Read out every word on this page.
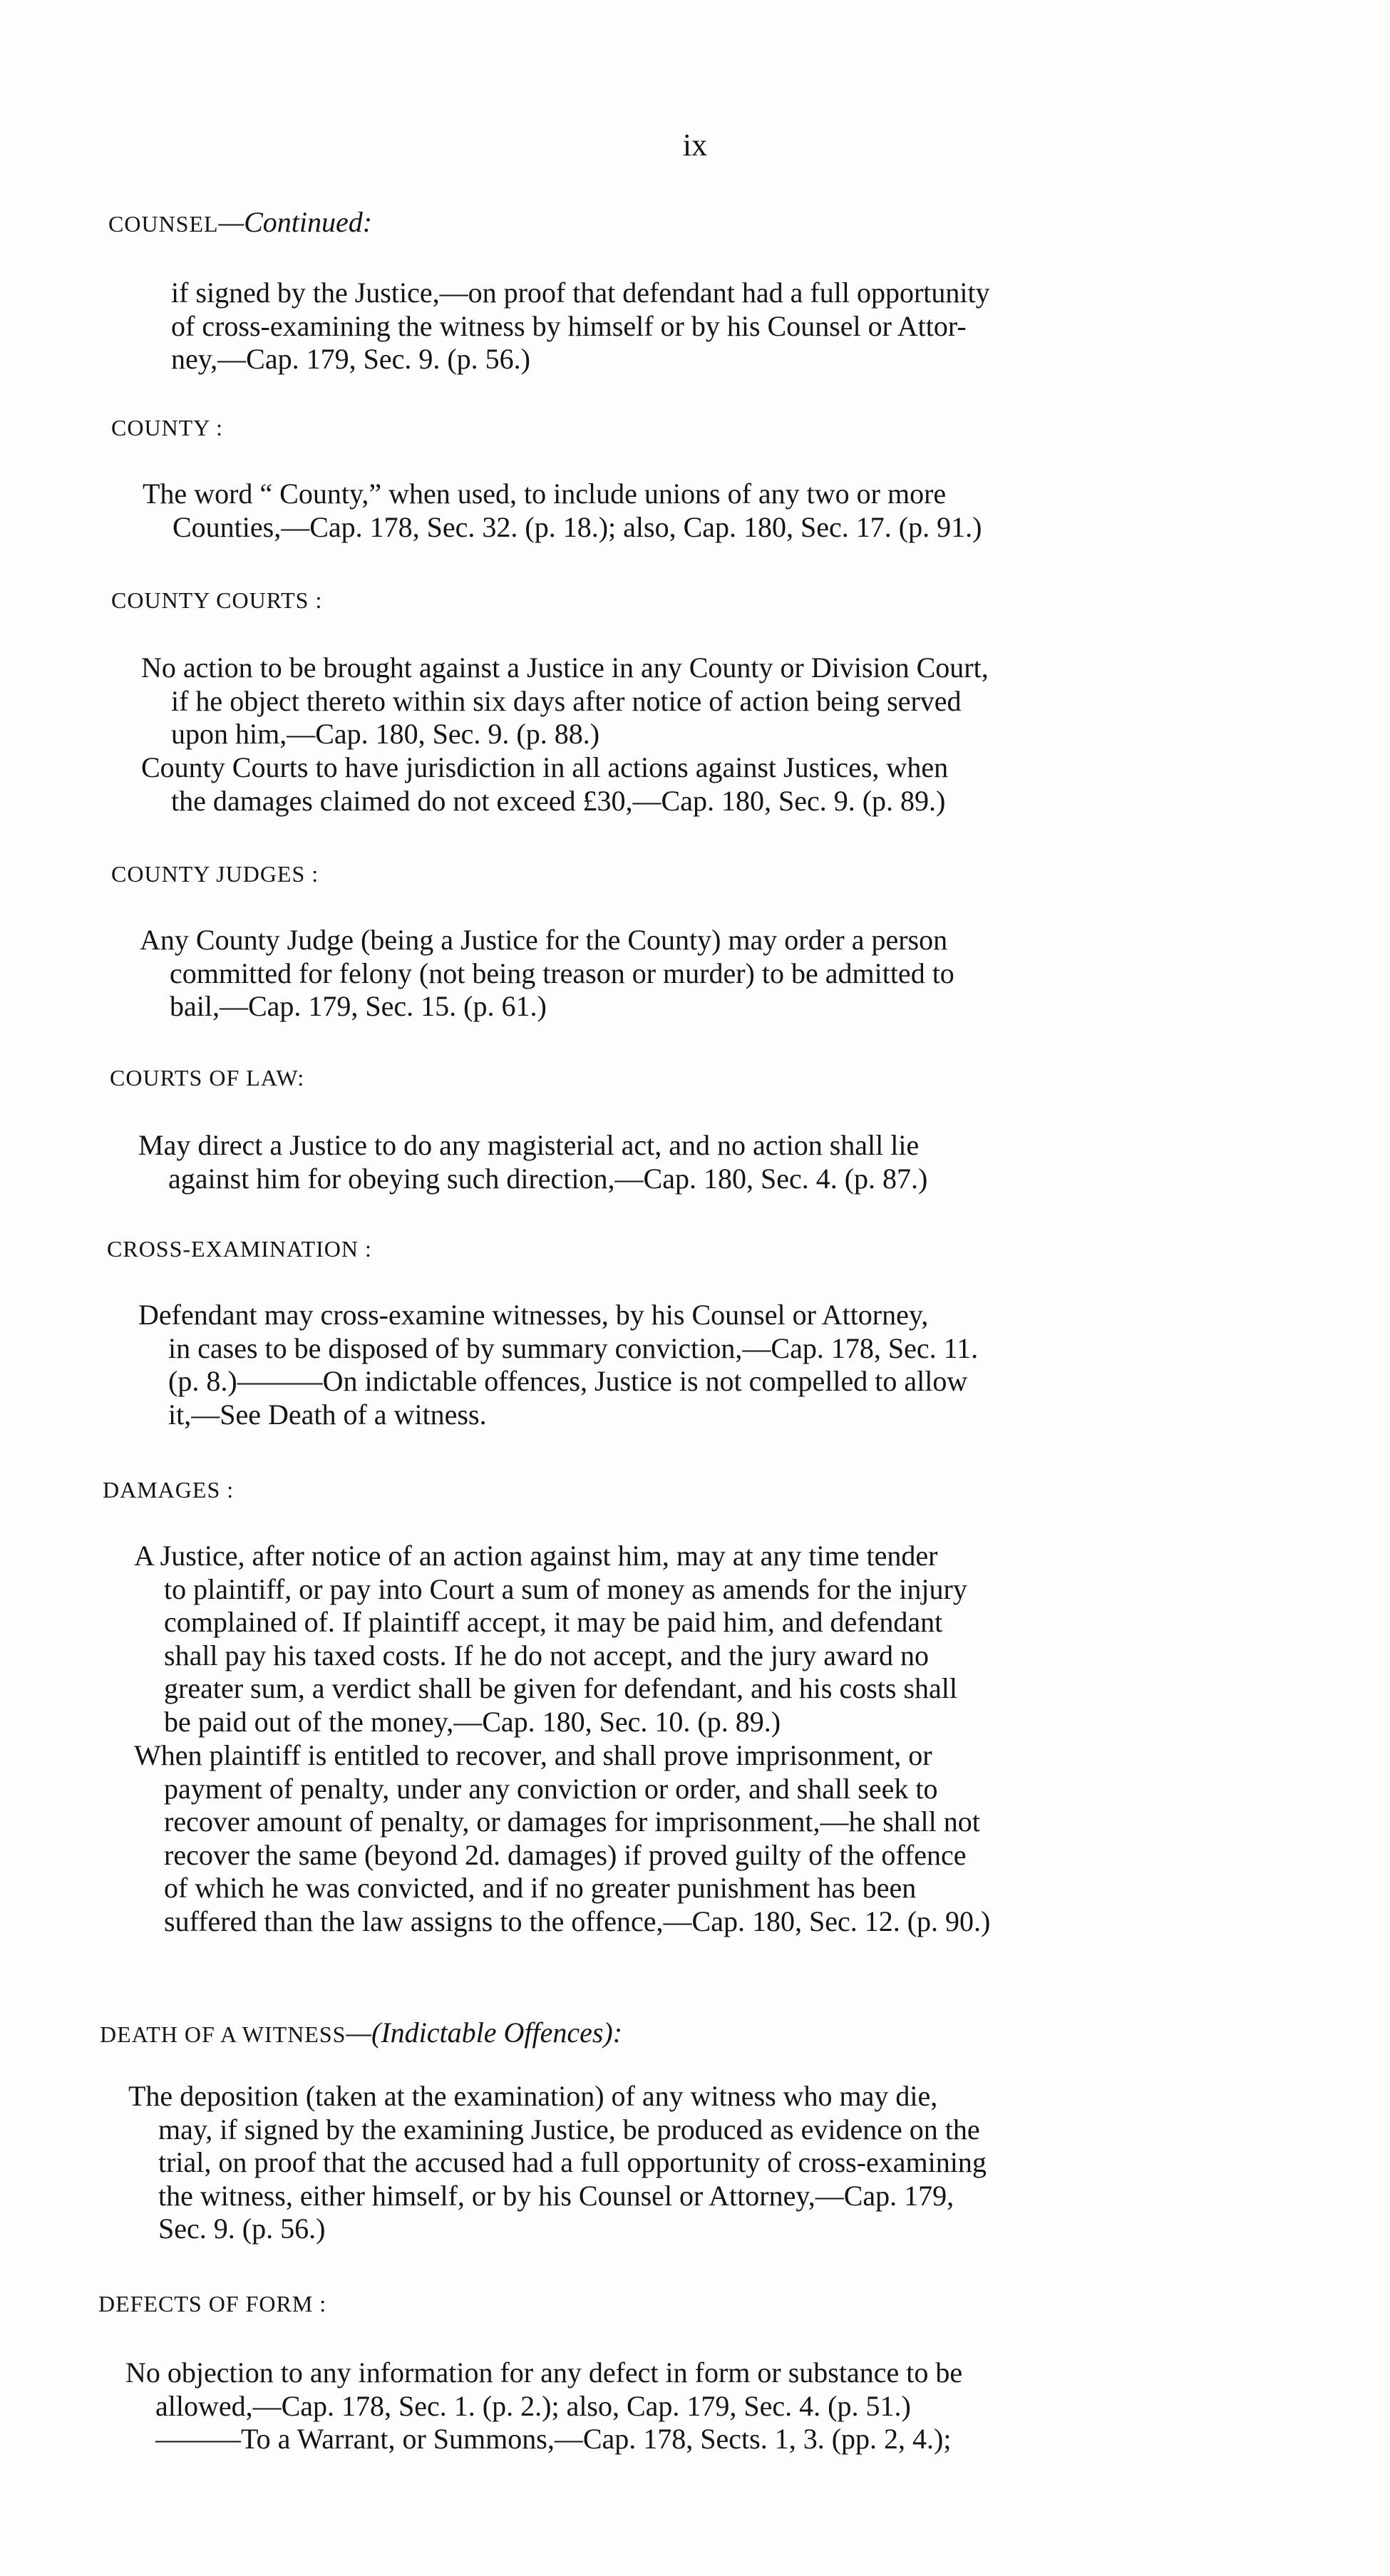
ix
COUNSEL—Continued:
if signed by the Justice,—on proof that defendant had a full opportunity
of cross-examining the witness by himself or by his Counsel or Attor-
ney,—Cap. 179, Sec. 9. (p. 56.)
COUNTY :
The word “ County,” when used, to include unions of any two or more
Counties,—Cap. 178, Sec. 32. (p. 18.); also, Cap. 180, Sec. 17. (p. 91.)
COUNTY COURTS :
No action to be brought against a Justice in any County or Division Court,
if he object thereto within six days after notice of action being served
upon him,—Cap. 180, Sec. 9. (p. 88.)
County Courts to have jurisdiction in all actions against Justices, when
the damages claimed do not exceed £30,—Cap. 180, Sec. 9. (p. 89.)
COUNTY JUDGES :
Any County Judge (being a Justice for the County) may order a person
committed for felony (not being treason or murder) to be admitted to
bail,—Cap. 179, Sec. 15. (p. 61.)
COURTS OF LAW:
May direct a Justice to do any magisterial act, and no action shall lie
against him for obeying such direction,—Cap. 180, Sec. 4. (p. 87.)
CROSS-EXAMINATION :
Defendant may cross-examine witnesses, by his Counsel or Attorney,
in cases to be disposed of by summary conviction,—Cap. 178, Sec. 11.
(p. 8.)———On indictable offences, Justice is not compelled to allow
it,—See Death of a witness.
DAMAGES :
A Justice, after notice of an action against him, may at any time tender
to plaintiff, or pay into Court a sum of money as amends for the injury
complained of. If plaintiff accept, it may be paid him, and defendant
shall pay his taxed costs. If he do not accept, and the jury award no
greater sum, a verdict shall be given for defendant, and his costs shall
be paid out of the money,—Cap. 180, Sec. 10. (p. 89.)
When plaintiff is entitled to recover, and shall prove imprisonment, or
payment of penalty, under any conviction or order, and shall seek to
recover amount of penalty, or damages for imprisonment,—he shall not
recover the same (beyond 2d. damages) if proved guilty of the offence
of which he was convicted, and if no greater punishment has been
suffered than the law assigns to the offence,—Cap. 180, Sec. 12. (p. 90.)
DEATH OF A WITNESS—(Indictable Offences):
The deposition (taken at the examination) of any witness who may die,
may, if signed by the examining Justice, be produced as evidence on the
trial, on proof that the accused had a full opportunity of cross-examining
the witness, either himself, or by his Counsel or Attorney,—Cap. 179,
Sec. 9. (p. 56.)
DEFECTS OF FORM :
No objection to any information for any defect in form or substance to be
allowed,—Cap. 178, Sec. 1. (p. 2.); also, Cap. 179, Sec. 4. (p. 51.)
———To a Warrant, or Summons,—Cap. 178, Sects. 1, 3. (pp. 2, 4.);
